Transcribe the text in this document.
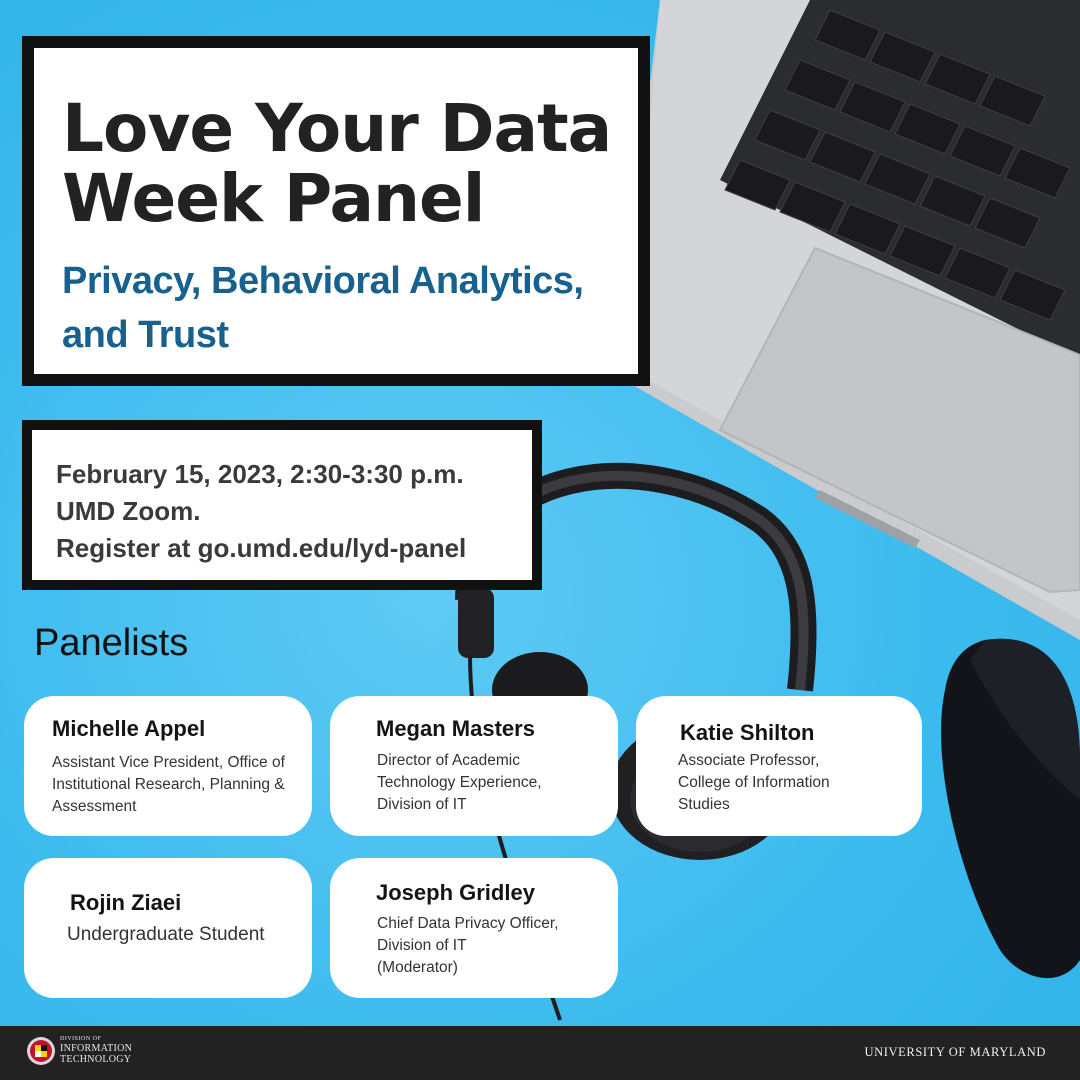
Love Your Data
Week Panel
Privacy, Behavioral Analytics,
and Trust
February 15, 2023, 2:30-3:30 p.m.
UMD Zoom.
Register at go.umd.edu/lyd-panel
Panelists
Michelle Appel
Assistant Vice President, Office of
Institutional Research, Planning &
Assessment
Megan Masters
Director of Academic
Technology Experience,
Division of IT
Katie Shilton
Associate Professor,
College of Information
Studies
Rojin Ziaei
Undergraduate Student
Joseph Gridley
Chief Data Privacy Officer,
Division of IT
(Moderator)
DIVISION OF
INFORMATION
TECHNOLOGY
UNIVERSITY OF MARYLAND
